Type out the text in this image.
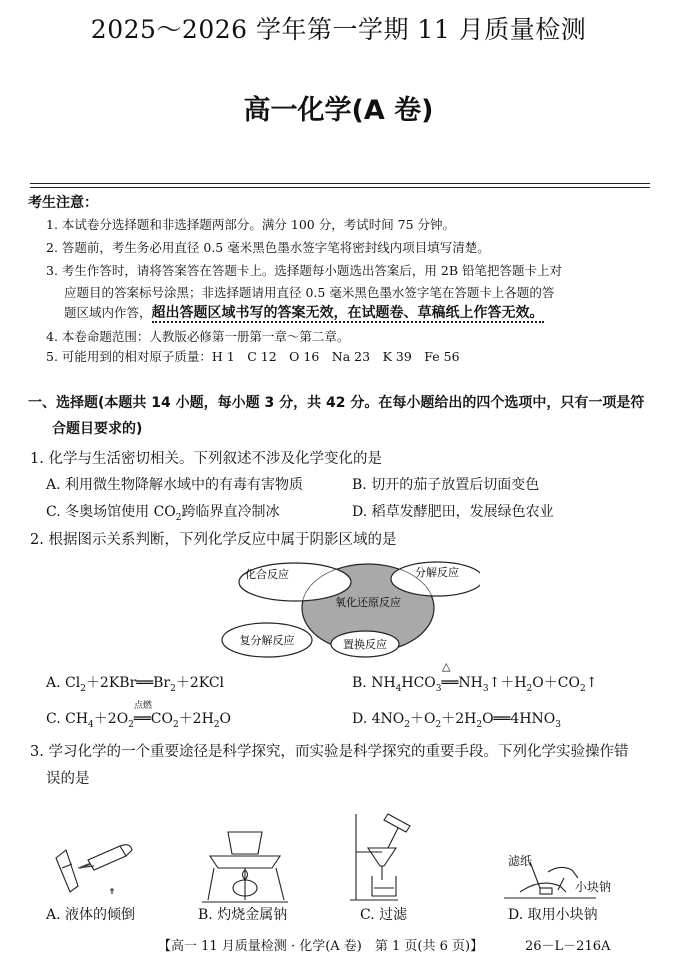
2025～2026 学年第一学期 11 月质量检测
高一化学(A 卷)
考生注意：
1. 本试卷分选择题和非选择题两部分。满分 100 分，考试时间 75 分钟。
2. 答题前，考生务必用直径 0.5 毫米黑色墨水签字笔将密封线内项目填写清楚。
3. 考生作答时，请将答案答在答题卡上。选择题每小题选出答案后，用 2B 铅笔把答题卡上对
应题目的答案标号涂黑；非选择题请用直径 0.5 毫米黑色墨水签字笔在答题卡上各题的答
题区域内作答，超出答题区域书写的答案无效，在试题卷、草稿纸上作答无效。
4. 本卷命题范围：人教版必修第一册第一章～第二章。
5. 可能用到的相对原子质量：H 1　C 12　O 16　Na 23　K 39　Fe 56
一、选择题(本题共 14 小题，每小题 3 分，共 42 分。在每小题给出的四个选项中，只有一项是符
合题目要求的)
1. 化学与生活密切相关。下列叙述不涉及化学变化的是
A. 利用微生物降解水域中的有毒有害物质	B. 切开的茄子放置后切面变色
C. 冬奥场馆使用 $CO_2$跨临界直冷制冰	D. 稻草发酵肥田，发展绿色农业
2. 根据图示关系判断，下列化学反应中属于阴影区域的是
化合反应	分解反应
氧化还原反应
复分解反应	置换反应
A. $Cl_2+2KBr══Br_2+2KCl$
△
B. $NH_4HCO_3══NH_3↑+H_2O+CO_2↑$
点燃
C. $CH_4+2O_2══CO_2+2H_2O$	D. $4NO_2+O_2+2H_2O══4HNO_3$
3. 学习化学的一个重要途径是科学探究，而实验是科学探究的重要手段。下列化学实验操作错
误的是
滤纸
小块钠
A. 液体的倾倒	B. 灼烧金属钠	C. 过滤	D. 取用小块钠
【高一 11 月质量检测 · 化学(A 卷)　第 1 页(共 6 页)】	26－L－216A
